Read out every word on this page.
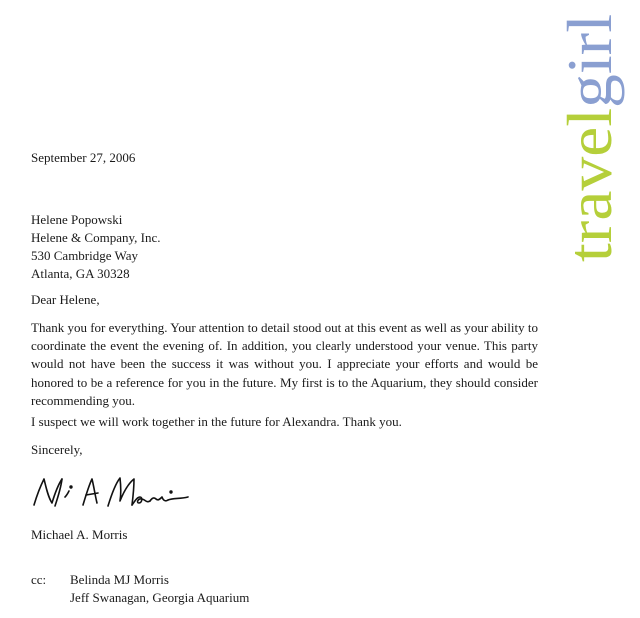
travelgirl

September 27, 2006

Helene Popowski

Helene & Company, Inc.

530 Cambridge Way

Atlanta, GA 30328

Dear Helene,

Thank you for everything. Your attention to detail stood out at this event as well as your ability to coordinate the event the evening of. In addition, you clearly understood your venue. This party would not have been the success it was without you. I appreciate your efforts and would be honored to be a reference for you in the future. My first is to the Aquarium, they should consider recommending you.

I suspect we will work together in the future for Alexandra. Thank you.

Sincerely,

Michael A. Morris

cc: Belinda MJ Morris
Jeff Swanagan, Georgia Aquarium
